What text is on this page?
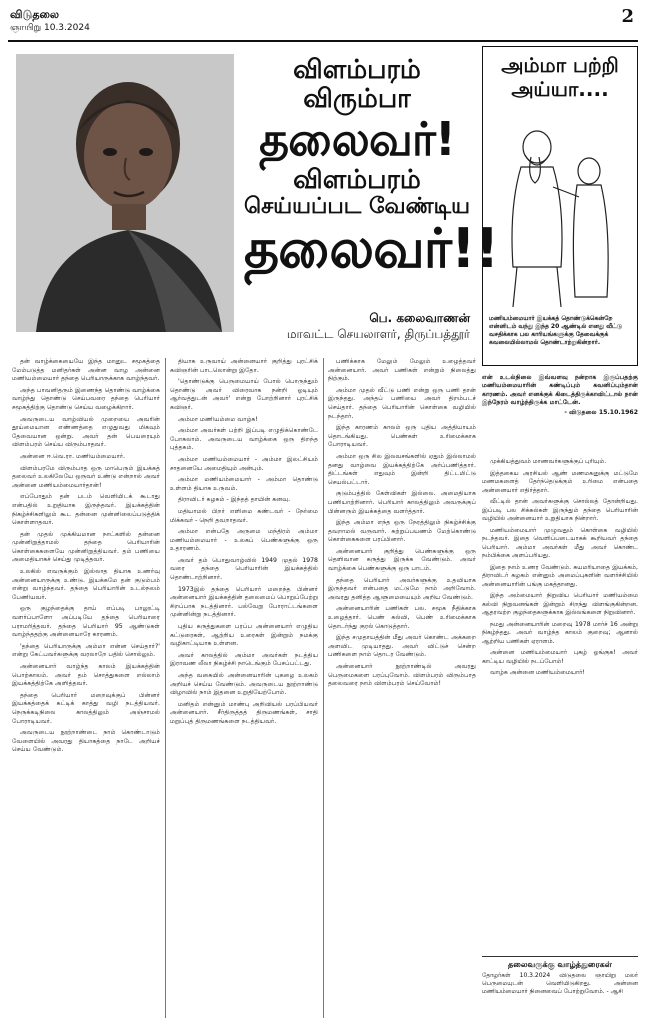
விடுதலை
ஞாயிறு 10.3.2024
2
விளம்பரம் விரும்பா
தலைவர்!
விளம்பரம்
செய்யப்பட வேண்டிய
தலைவர்!!
பெ. கலைவாணன்
மாவட்ட செயலாளர், திருப்பத்தூர்

தன் வாழ்க்கையையே இந்த மானுட சமூகத்தை மேம்படுத்த மனிதர்கள் அன்ன வாழ அன்னை மணியம்மையார் தந்தை பெரியாருக்காக வாழ்ந்தவர்.

அந்த பாவனிதரும் இணைந்த தொண்டு வாழ்க்கை வாழ்ந்து தொண்டு செய்பவரை தந்தை பெரியார் சமூகத்திற்கு தொண்டு செய்ய வழைக்கிறார்.

அவருடைய வாழ்வியல் முறையை அவரின் தூய்மையான எண்ணத்தை எழுதுவது மிகவும் தேவையான ஒன்று. அவர் தன் பெயரையும் விளம்பரம் செய்ய விரும்பாதவர்.

அன்னை ஈ.வெ.ரா. மணியம்மையார்.

விளம்பரமே விரும்பாத ஒரு மாபெரும் இயக்கத் தலைவர் உலகிலேயே ஒருவர் உண்டு என்றால் அவர் அன்னை மணியம்மையார்தான்!

எப்போதும் தன் படம் வெளியிடக் கூடாது என்பதில் உறுதியாக இருந்தவர். இயக்கத்தின் நிகழ்ச்சிகளிலும் கூட தன்னை முன்னிலைப்படுத்திக் கொள்ளாதவர்.

தன் முதல் முக்கியமான நாட்களில் தன்னை முன்னிறுத்தாமல் தந்தை பெரியாரின் கொள்கைகளையே முன்னிறுத்தியவர். தம் பணியை அமைதியாகச் செய்து முடித்தவர்.

உலகில் எவருக்கும் இல்லாத தியாக உணர்வு அன்னையாருக்கு உண்டு. இயக்கமே தன் குடும்பம் என்று வாழ்ந்தவர். தந்தை பெரியாரின் உடல்நலம் பேணியவர்.

ஒரு குழந்தைக்கு தாய் எப்படி பாலூட்டி வளர்ப்பாளோ அப்படியே தந்தை பெரியாரை பராமரித்தவர். தந்தை பெரியார் 95 ஆண்டுகள் வாழ்ந்ததற்கு அன்னையாரே காரணம்.

'தந்தை பெரியாருக்கு அம்மா என்ன செய்தார்?' என்று கேட்பவர்களுக்கு வரலாறே பதில் சொல்லும்.

அன்னையார் வாழ்ந்த காலம் இயக்கத்தின் பொற்காலம். அவர் தம் சொத்துகளை எல்லாம் இயக்கத்திற்கே அளித்தவர்.

தந்தை பெரியார் மறைவுக்குப் பின்னர் இயக்கத்தைக் கட்டிக் காத்து வழி நடத்தியவர். நெருக்கடிநிலை காலத்திலும் அஞ்சாமல் போராடியவர்.

அவருடைய நூற்றாண்டை நாம் கொண்டாடும் வேளையில் அவரது தியாகத்தை நாடே அறியச் செய்ய வேண்டும்.

தியாக உருவாய் அன்னையார் குறித்து புரட்சிக் கவிஞரின் பாடலொன்று இதோ.

'தொண்டுக்கு பெருமையாய் போல் பொருந்தும் தொண்டு அவர் விரைவாக நன்றி ஓடியும் ஆர்வத்துடன் அவர்' என்று போற்றினார் புரட்சிக் கவிஞர்.

அம்மா மணியம்மை வாழ்க!

அம்மா அவர்கள் பற்றி இப்படி எழுதிக்கொண்டே போகலாம். அவருடைய வாழ்க்கை ஒரு திறந்த புத்தகம்.

அம்மா மணியம்மையார் - அம்மா இலட்சியம் சாதனையே அமைதியும் அன்பும்.

அம்மா மணியம்மையார் - அம்மா தொண்டு உள்ளம் தியாக உருவம்.

திராவிடர் கழகம் - இந்தத் தாயின் கனவு.

மதியாமல் பிறர் எளிமை கண்டவர் - நேர்மை மிக்கவர் - நெறி தவறாதவர்.

அம்மா என்பதே அருமை மந்திரம் அம்மா மணியம்மையார் - உலகப் பெண்களுக்கு ஒரு உதாரணம்.

அவர் தம் பொதுவாழ்வில் 1949 முதல் 1978 வரை தந்தை பெரியாரின் இயக்கத்தில் தொண்டாற்றினார்.

1973இல் தந்தை பெரியார் மறைந்த பின்னர் அன்னையார் இயக்கத்தின் தலைமைப் பொறுப்பேற்று சிறப்பாக நடத்தினார். பல்வேறு போராட்டங்களை முன்னின்று நடத்தினார்.

புதிய கருத்துகளை பரப்ப அன்னையார் எழுதிய கட்டுரைகள், ஆற்றிய உரைகள் இன்றும் நமக்கு வழிகாட்டியாக உள்ளன.

அவர் காலத்தில் அம்மா அவர்கள் நடத்திய இராவண லீலா நிகழ்ச்சி நாடெங்கும் பேசப்பட்டது.

அந்த வகையில் அன்னையாரின் புகழை உலகம் அறியச் செய்ய வேண்டும். அவருடைய நூற்றாண்டு விழாவில் நாம் இதனை உறுதியேற்போம்.

மனிதம் என்னும் மாண்பு அறிவியல் பரப்பியவர் அன்னையார். சீர்திருத்தத் திருமணங்கள், சாதி மறுப்புத் திருமணங்களை நடத்தியவர்.

பணிக்காக மேலும் மேலும் உழைத்தவர் அன்னையார். அவர் பணிகள் என்றும் நிலைத்து நிற்கும்.

அம்மா முதல் வீட்டு பணி என்று ஒரு பணி தான் இருந்தது. அந்தப் பணியை அவர் திறம்படச் செய்தார். தந்தை பெரியாரின் கொள்கை வழியில் நடந்தார்.

இந்த காரணம் காலம் ஒரு புதிய அத்தியாயம் தொடங்கியது. பெண்கள் உரிமைக்காக போராடியவர்.

அம்மா ஒரு சில இலவசங்களில் ஏதும் இல்லாமல் தனது வாழ்வை இயக்கத்திற்கே அர்ப்பணித்தார். திட்டங்கள் எதுவும் இன்றி திட்டமிட்டு செயல்பட்டார்.

குடும்பத்தில் கேள்விகள் இல்லை. அமைதியாக பணியாற்றினார். பெரியார் காலத்திலும் அவருக்குப் பின்னரும் இயக்கத்தை வளர்த்தார்.

இந்த அம்மா எந்த ஒரு நேரத்திலும் நிகழ்ச்சிக்கு தவறாமல் வருவார். சுற்றுப்பயணம் மேற்கொண்டு கொள்கைகளை பரப்பினார்.

அன்னையார் குறித்து பெண்களுக்கு ஒரு தெளிவான கருத்து இருக்க வேண்டும். அவர் வாழ்க்கை பெண்களுக்கு ஒரு பாடம்.

தந்தை பெரியார் அவர்களுக்கு உதவியாக இருந்தவர் என்பதை மட்டுமே நாம் அறிவோம். அவரது தனித்த ஆளுமையையும் அறிய வேண்டும்.

அன்னையாரின் பணிகள் பல. சமூக நீதிக்காக உழைத்தார். பெண் கல்வி, பெண் உரிமைக்காக தொடர்ந்து குரல் கொடுத்தார்.

இந்த சமுதாயத்தின் மீது அவர் கொண்ட அக்கறை அளவிட முடியாதது. அவர் விட்டுச் சென்ற பணிகளை நாம் தொடர வேண்டும்.

அன்னையார் நூற்றாண்டில் அவரது பெருமைகளை பரப்புவோம். விளம்பரம் விரும்பாத தலைவரை நாம் விளம்பரம் செய்வோம்!

அம்மா பற்றி அய்யா....
மணியம்மையார் இயக்கத் தொண்டுக்கென்றே என்னிடம் வந்து இந்த 20 ஆண்டில் எனது வீட்டு வசதிக்காக பல காரியங்களுக்கு தேவைக்குக் கவலையில்லாமல் தொண்டாற்றுகின்றார்.
என் உடல்நிலை இவ்வளவு நன்றாக இருப்பதற்கு மணியம்மையாரின் கண்டிப்பும் கவனிப்பும்தான் காரணம். அவர் எனக்குக் கிடைத்திருக்காவிட்டால் நான் இந்நேரம் வாழ்ந்திருக்க மாட்டேன்.
- விடுதலை 15.10.1962

முக்கியத்துவம் மாணவர்களுக்குப் புரியும்.

இத்தகைய அரசியல் ஆண் மணமகனுக்கு மட்டுமே மணமகளைத் தேர்ந்தெடுக்கும் உரிமை என்பதை அன்னையார் எதிர்த்தார்.

வீட்டில் தான் அவர்களுக்கு சொல்லத் தோன்றியது. இப்படி பல சிக்கல்கள் இருந்தும் தந்தை பெரியாரின் வழியில் அன்னையார் உறுதியாக நின்றார்.

மணியம்மையார் முழுவதும் கொள்கை வழியில் நடந்தவர். இதை வெளிப்படையாகக் கூறியவர் தந்தை பெரியார். அம்மா அவர்கள் மீது அவர் கொண்ட நம்பிக்கை அளப்பரியது.

இதை நாம் உணர வேண்டும். சுயமரியாதை இயக்கம், திராவிடர் கழகம் என்னும் அமைப்புகளின் வளர்ச்சியில் அன்னையாரின் பங்கு மகத்தானது.

இந்த அம்மையார் நிறுவிய பெரியார் மணியம்மை கல்வி நிறுவனங்கள் இன்றும் சிறந்து விளங்குகின்றன. ஆதரவற்ற குழந்தைகளுக்காக இல்லங்களை நிறுவினார்.

நமது அன்னையாரின் மறைவு 1978 மார்ச் 16 அன்று நிகழ்ந்தது. அவர் வாழ்ந்த காலம் குறைவு; ஆனால் ஆற்றிய பணிகள் ஏராளம்.

அன்னை மணியம்மையார் புகழ் ஓங்குக! அவர் காட்டிய வழியில் நடப்போம்!

வாழ்க அன்னை மணியம்மையார்!

தலைவருக்கு வாழ்த்துரைகள்
தோழர்கள் 10.3.2024 விடுதலை ஞாயிறு மலர் பெருமையுடன் வெளியிடுகிறது. அன்னை மணியம்மையார் நினைவைப் போற்றுவோம். - ஆசி
